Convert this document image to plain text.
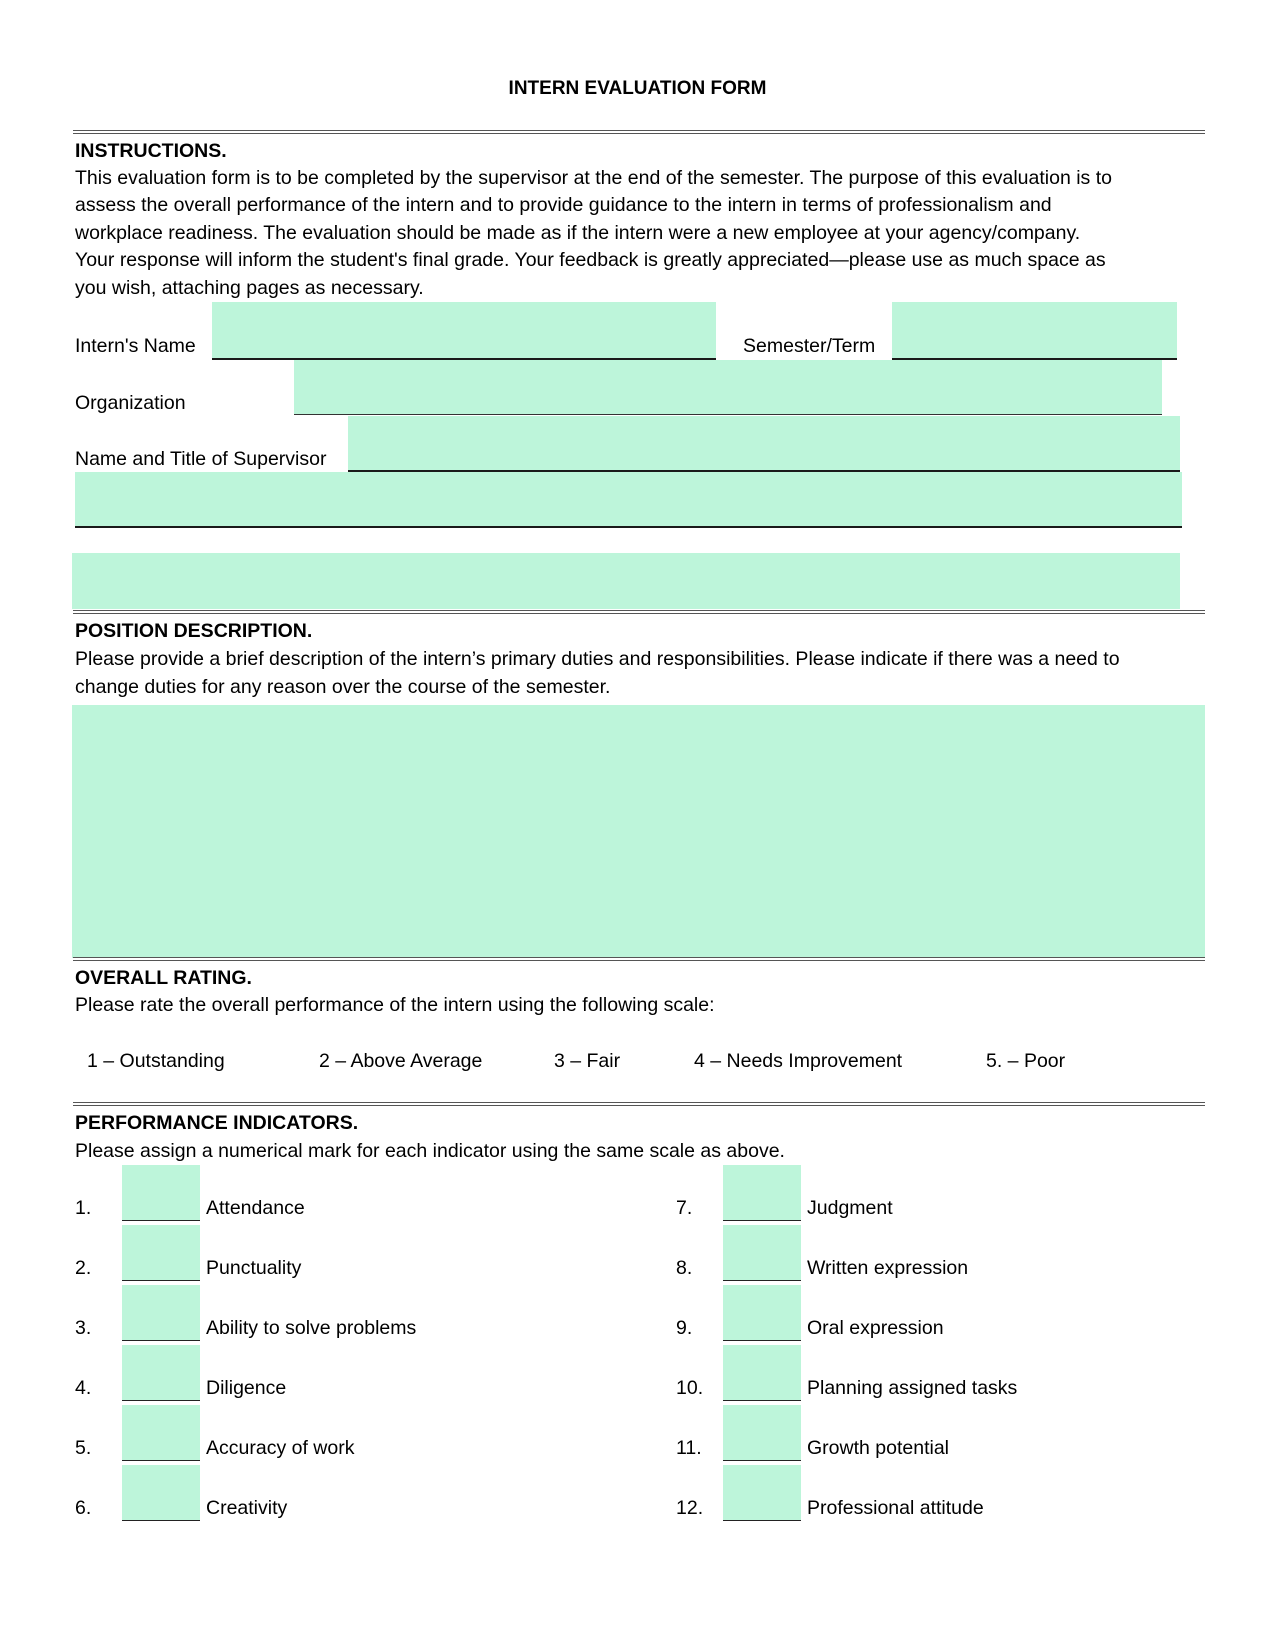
INTERN EVALUATION FORM
INSTRUCTIONS.
This evaluation form is to be completed by the supervisor at the end of the semester. The purpose of this evaluation is to
assess the overall performance of the intern and to provide guidance to the intern in terms of professionalism and
workplace readiness. The evaluation should be made as if the intern were a new employee at your agency/company.
Your response will inform the student's final grade. Your feedback is greatly appreciated—please use as much space as
you wish, attaching pages as necessary.
Intern's Name	Semester/Term
Organization
Name and Title of Supervisor
POSITION DESCRIPTION.
Please provide a brief description of the intern’s primary duties and responsibilities. Please indicate if there was a need to
change duties for any reason over the course of the semester.
OVERALL RATING.
Please rate the overall performance of the intern using the following scale:
1 – Outstanding	2 – Above Average	3 – Fair	4 – Needs Improvement	5. – Poor
PERFORMANCE INDICATORS.
Please assign a numerical mark for each indicator using the same scale as above.
1.	Attendance
2.	Punctuality
3.	Ability to solve problems
4.	Diligence
5.	Accuracy of work
6.	Creativity
7.	Judgment
8.	Written expression
9.	Oral expression
10.	Planning assigned tasks
11.	Growth potential
12.	Professional attitude
